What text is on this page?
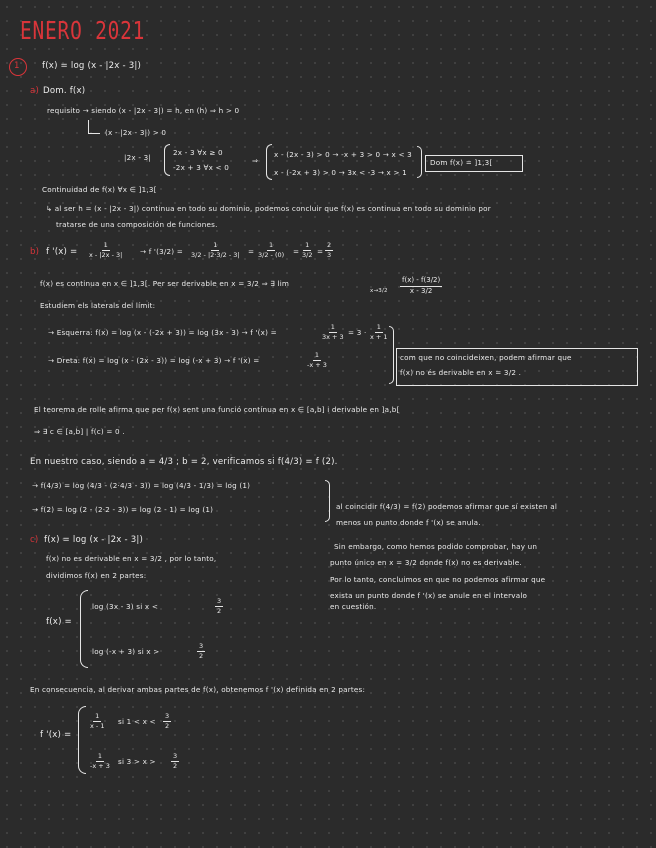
ENERO 2021
1	f(x) = log (x - |2x - 3|)
a) Dom. f(x)
requisito → siendo (x - |2x - 3|) = h, en (h) ⇒ h > 0
(x - |2x - 3|) > 0
|2x - 3|
2x - 3 ∀x ≥ 0
-2x + 3 ∀x < 0
⇒
x - (2x - 3) > 0 → -x + 3 > 0 → x < 3
x - (-2x + 3) > 0 → 3x < -3 → x > 1
Dom f(x) = ]1,3[
Continuidad de f(x) ∀x ∈ ]1,3[
↳ al ser h = (x - |2x - 3|) continua en todo su dominio, podemos concluir que f(x) es continua en todo su dominio por
tratarse de una composición de funciones.
b) f '$(x) = \frac{1}{x - |2x - 3|} \to f$ '$(3/2) = \frac{1}{3/2 - |2\cdot 3/2 - 3|} = \frac{1}{3/2 - (0)} = \frac{1}{3/2} = \frac{2}{3}$
f(x) es continua en x ∈ ]1,3[. Per ser derivable en x = 3/2 ⇒ ∃ lim
$x\to 3/2 \frac{f(x) - f(3/2)}{x - 3/2}$
Estudiem els laterals del límit:
→ Esquerra: f(x) = log (x - (-2x + 3)) = log (3x - 3) → f '(x) =	$\frac{1}{3x + 3} = 3 \cdot \frac{1}{x + 1}$
→ Dreta: f(x) = log (x - (2x - 3)) = log (-x + 3) → f '(x) =	$\frac{1}{-x + 3}$	com que no coincideixen, podem afirmar que
f(x) no és derivable en x = 3/2 .
El teorema de rolle afirma que per f(x) sent una funció contínua en x ∈ [a,b] i derivable en ]a,b[
⇒ ∃ c ∈ [a,b] | f(c) = 0 .
En nuestro caso, siendo a = 4/3 ; b = 2, verificamos si f(4/3) = f (2).
→ f(4/3) = log (4/3 - (2·4/3 - 3)) = log (4/3 - 1/3) = log (1)
→ f(2) = log (2 - (2·2 - 3)) = log (2 - 1) = log (1)	al coincidir f(4/3) = f(2) podemos afirmar que sí existen al
menos un punto donde f '(x) se anula.
c) f(x) = log (x - |2x - 3|)
f(x) no es derivable en x = 3/2 , por lo tanto,
dividimos f(x) en 2 partes:
Sin embargo, como hemos podido comprobar, hay un
punto único en x = 3/2 donde f(x) no es derivable.
Por lo tanto, concluimos en que no podemos afirmar que
exista un punto donde f '(x) se anule en el intervalo
en cuestión.
f(x) =
log (3x - 3) si x <	$\frac{3}{2}$
log (-x + 3) si x >	$\frac{3}{2}$
En consecuencia, al derivar ambas partes de f(x), obtenemos f '(x) definida en 2 partes:
f '(x) =
$\frac{1}{x - 1}$ si $1 < x < \frac{3}{2}$
$\frac{1}{-x + 3}$ si $3 > x > \frac{3}{2}$
